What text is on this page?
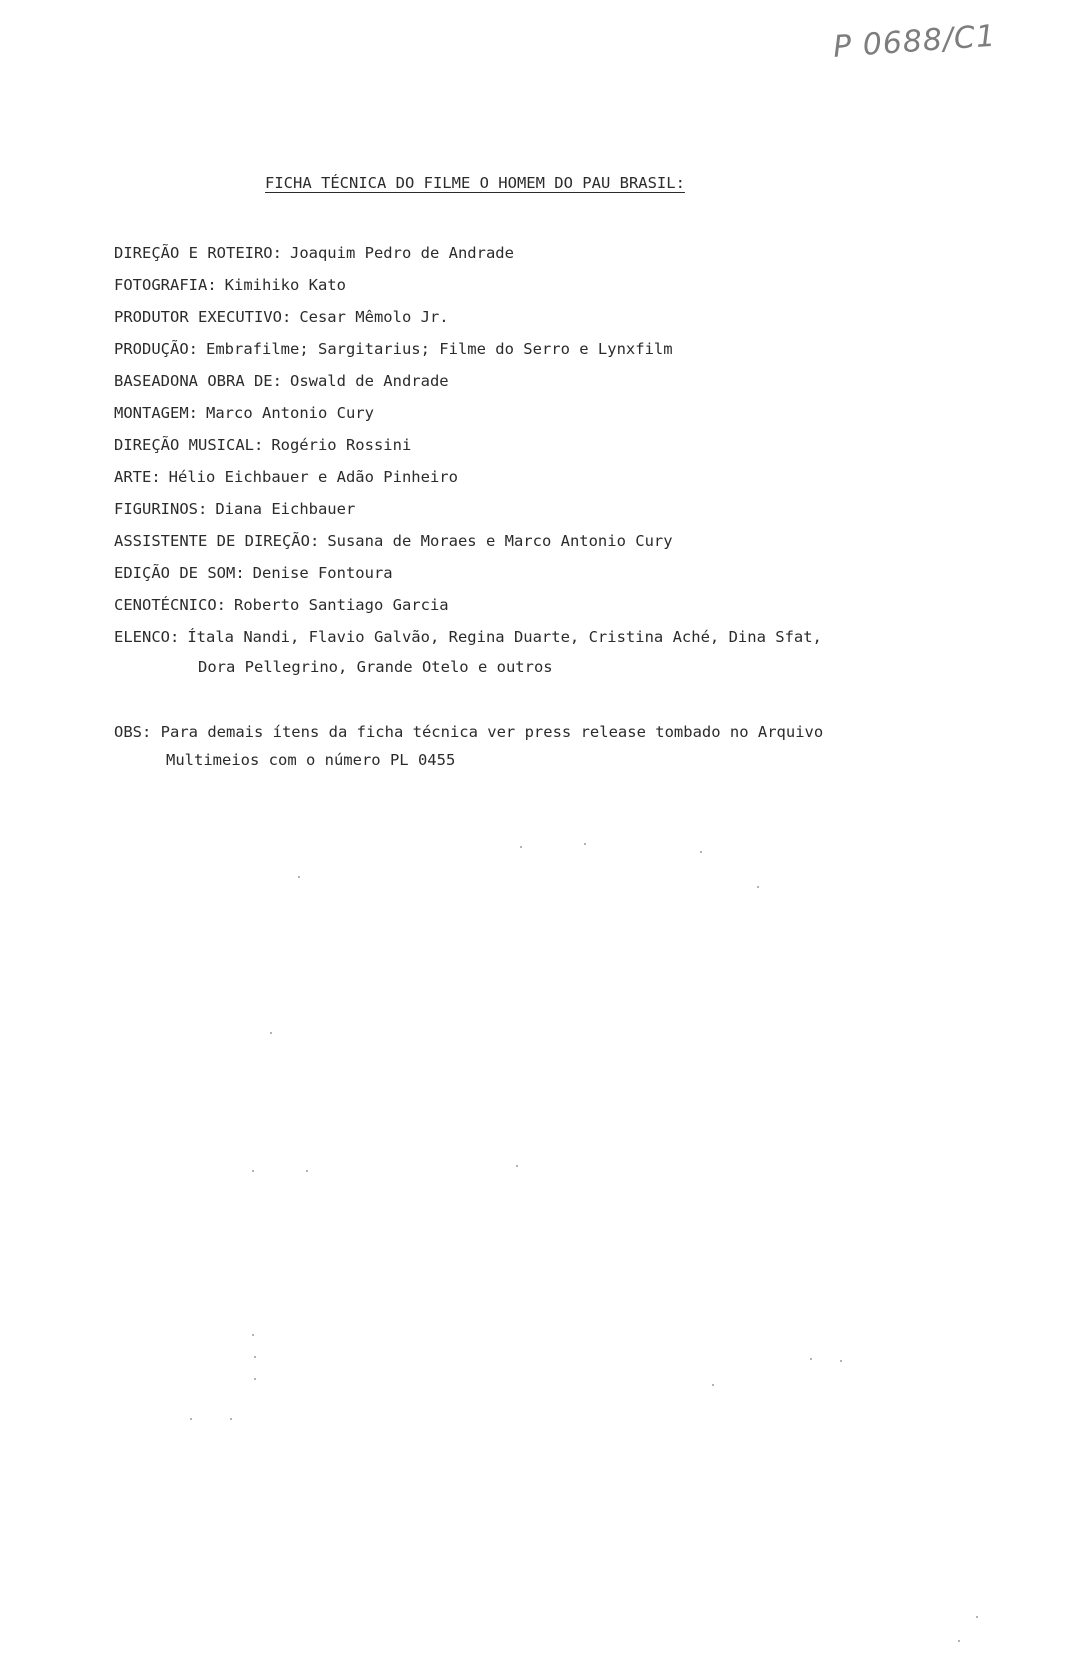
P 0688/C1
FICHA TÉCNICA DO FILME O HOMEM DO PAU BRASIL:
DIREÇÃO E ROTEIRO: Joaquim Pedro de Andrade
FOTOGRAFIA: Kimihiko Kato
PRODUTOR EXECUTIVO: Cesar Mêmolo Jr.
PRODUÇÃO: Embrafilme; Sargitarius; Filme do Serro e Lynxfilm
BASEADONA OBRA DE: Oswald de Andrade
MONTAGEM: Marco Antonio Cury
DIREÇÃO MUSICAL: Rogério Rossini
ARTE: Hélio Eichbauer e Adão Pinheiro
FIGURINOS: Diana Eichbauer
ASSISTENTE DE DIREÇÃO: Susana de Moraes e Marco Antonio Cury
EDIÇÃO DE SOM: Denise Fontoura
CENOTÉCNICO: Roberto Santiago Garcia
ELENCO: Ítala Nandi, Flavio Galvão, Regina Duarte, Cristina Aché, Dina Sfat,
Dora Pellegrino, Grande Otelo e outros
OBS: Para demais ítens da ficha técnica ver press release tombado no Arquivo
Multimeios com o número PL 0455
